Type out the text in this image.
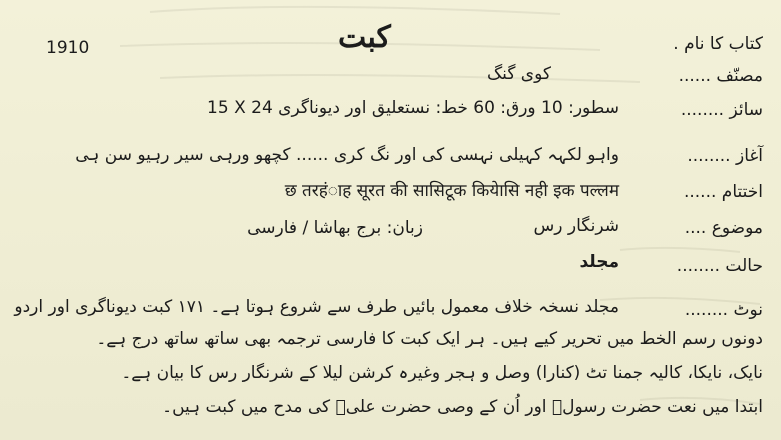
1910	کبت	کتاب کا نام .
مصنّف ......
کوی گنگ
سائز ........
15 X 24 سطور: 10 ورق: 60 خط: نستعلیق اور دیوناگری
آغاز ........
واہو لکہہ کہیلی نہسی کی اور نگ کری ...... کچھو ورہی سیر رہیو سن ہی
اختتام ......
छ तरहंाह सूरत की सासिटूक कियेासि नही इक पल्लम
موضوع ....
شرنگار رس
زبان: برج بھاشا / فارسی
حالت ........
مجلد
نوٹ ........
مجلد نسخہ خلاف معمول بائیں طرف سے شروع ہوتا ہے۔ ۱۷۱ کبت دیوناگری اور اردو
دونوں رسم الخط میں تحریر کیے ہیں۔ ہر ایک کبت کا فارسی ترجمہ بھی ساتھ ساتھ درج ہے۔
نایک، نایکا، کالیہ جمنا تٹ (کنارا) وصل و ہجر وغیرہ کرشن لیلا کے شرنگار رس کا بیان ہے۔
ابتدا میں نعت حضرت رسولؐ اور اُن کے وصی حضرت علیؑ کی مدح میں کبت ہیں۔
